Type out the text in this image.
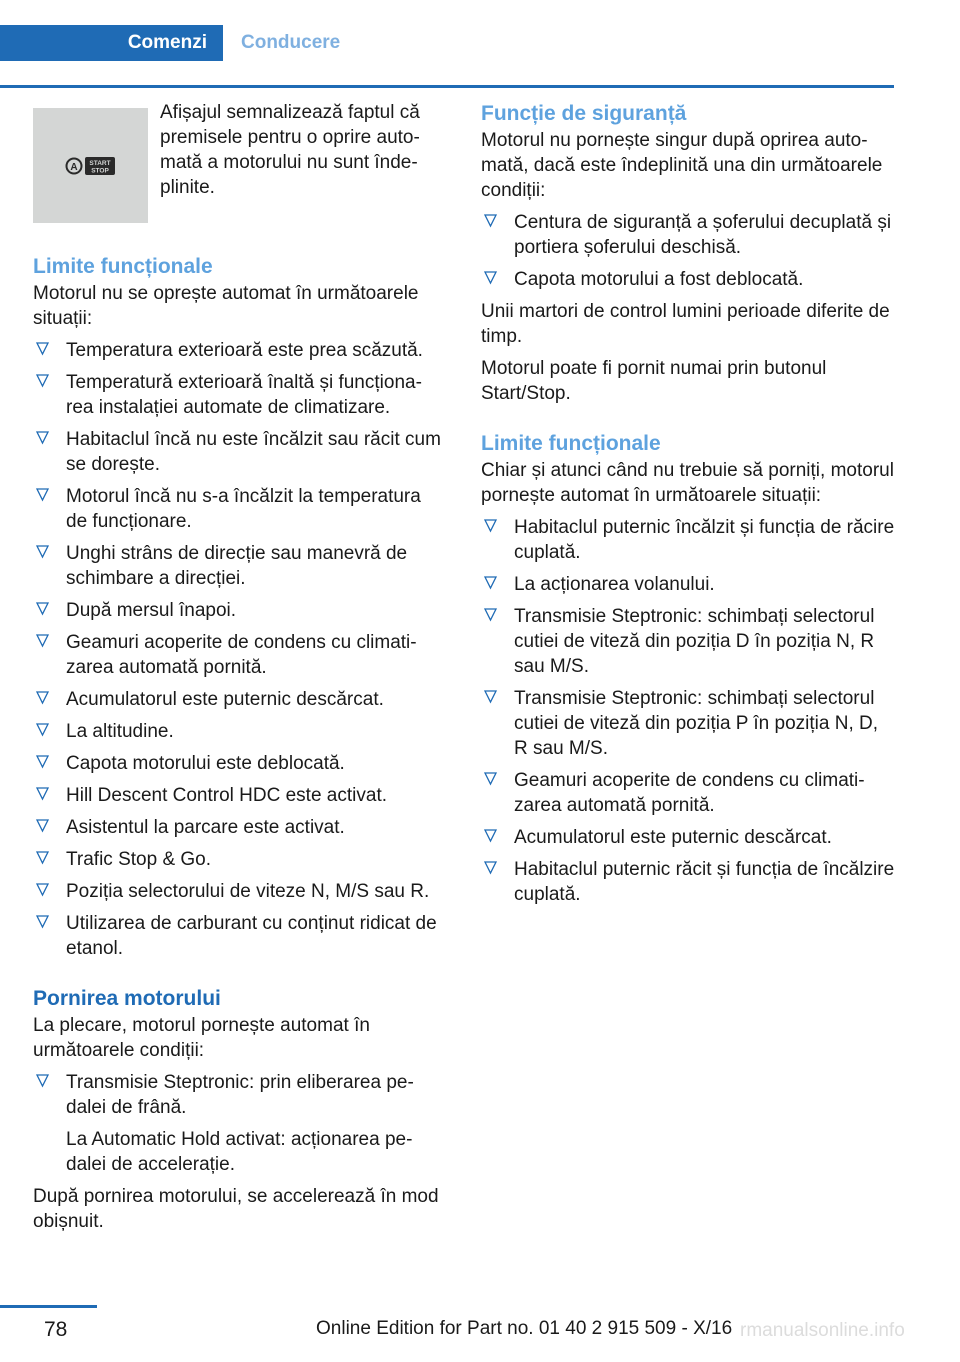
Comenzi	Conducere
A START
STOP
Afișajul semnalizează faptul că premisele pentru o oprire automată a motorului nu sunt îndeplinite.
Limite funcționale

Motorul nu se oprește automat în următoarele situații:

Temperatura exterioară este prea scăzută.
Temperatură exterioară înaltă și funcționarea instalației automate de climatizare.
Habitaclul încă nu este încălzit sau răcit cum se dorește.
Motorul încă nu s-a încălzit la temperatura de funcționare.
Unghi strâns de direcție sau manevră de schimbare a direcției.
După mersul înapoi.
Geamuri acoperite de condens cu climatizarea automată pornită.
Acumulatorul este puternic descărcat.
La altitudine.
Capota motorului este deblocată.
Hill Descent Control HDC este activat.
Asistentul la parcare este activat.
Trafic Stop & Go.
Poziția selectorului de viteze N, M/S sau R.
Utilizarea de carburant cu conținut ridicat de etanol.
Pornirea motorului

La plecare, motorul pornește automat în următoarele condiții:

Transmisie Steptronic: prin eliberarea pedalei de frână.

La Automatic Hold activat: acționarea pedalei de accelerație.

După pornirea motorului, se accelerează în mod obișnuit.

Funcție de siguranță

Motorul nu pornește singur după oprirea automată, dacă este îndeplinită una din următoarele condiții:

Centura de siguranță a șoferului decuplată și portiera șoferului deschisă.
Capota motorului a fost deblocată.

Unii martori de control lumini perioade diferite de timp.

Motorul poate fi pornit numai prin butonul Start/Stop.

Limite funcționale

Chiar și atunci când nu trebuie să porniți, motorul pornește automat în următoarele situații:

Habitaclul puternic încălzit și funcția de răcire cuplată.
La acționarea volanului.
Transmisie Steptronic: schimbați selectorul cutiei de viteză din poziția D în poziția N, R sau M/S.
Transmisie Steptronic: schimbați selectorul cutiei de viteză din poziția P în poziția N, D, R sau M/S.
Geamuri acoperite de condens cu climatizarea automată pornită.
Acumulatorul este puternic descărcat.
Habitaclul puternic răcit și funcția de încălzire cuplată.
78	Online Edition for Part no. 01 40 2 915 509 - X/16 rmanualsonline.info
